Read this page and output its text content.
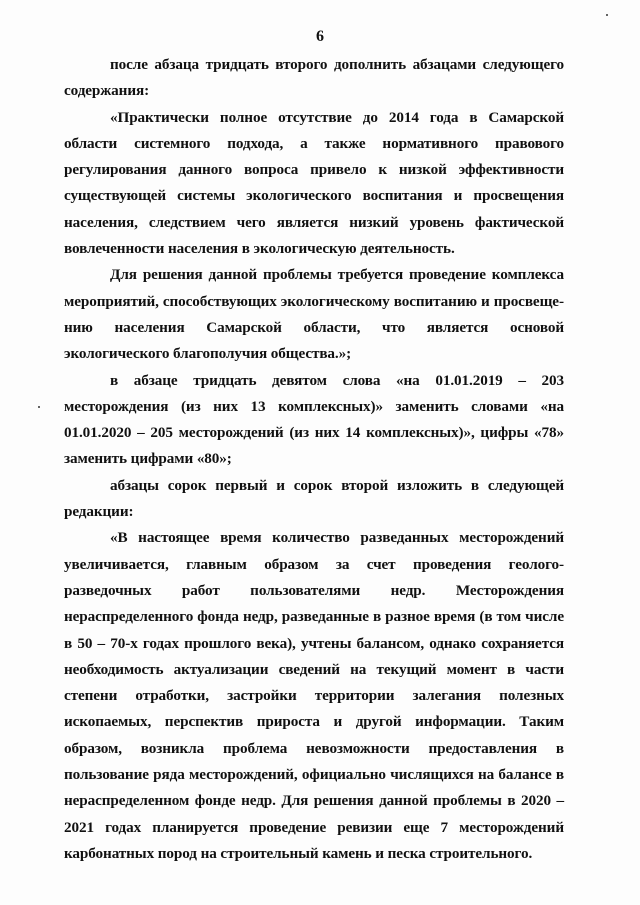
6

после абзаца тридцать второго дополнить абзацами следующего содержания:

«Практически полное отсутствие до 2014 года в Самарской области системного подхода, а также нормативного правового регулирования данного вопроса привело к низкой эффективности существующей системы экологического воспитания и просвещения населения, следствием чего является низкий уровень фактической вовлеченности населения в экологическую деятельность.

Для решения данной проблемы требуется проведение комплекса мероприятий, способствующих экологическому воспитанию и просвещению населения Самарской области, что является основой экологического благополучия общества.»;

в абзаце тридцать девятом слова «на 01.01.2019 – 203 месторождения (из них 13 комплексных)» заменить словами «на 01.01.2020 – 205 месторождений (из них 14 комплексных)», цифры «78» заменить цифрами «80»;

абзацы сорок первый и сорок второй изложить в следующей редакции:

«В настоящее время количество разведанных месторождений увеличивается, главным образом за счет проведения геолого-разведочных работ пользователями недр. Месторождения нераспределенного фонда недр, разведанные в разное время (в том числе в 50 – 70-х годах прошлого века), учтены балансом, однако сохраняется необходимость актуализации сведений на текущий момент в части степени отработки, застройки территории залегания полезных ископаемых, перспектив прироста и другой информации. Таким образом, возникла проблема невозможности предоставления в пользование ряда месторождений, официально числящихся на балансе в нераспределенном фонде недр. Для решения данной проблемы в 2020 – 2021 годах планируется проведение ревизии еще 7 месторождений карбонатных пород на строительный камень и песка строительного.
